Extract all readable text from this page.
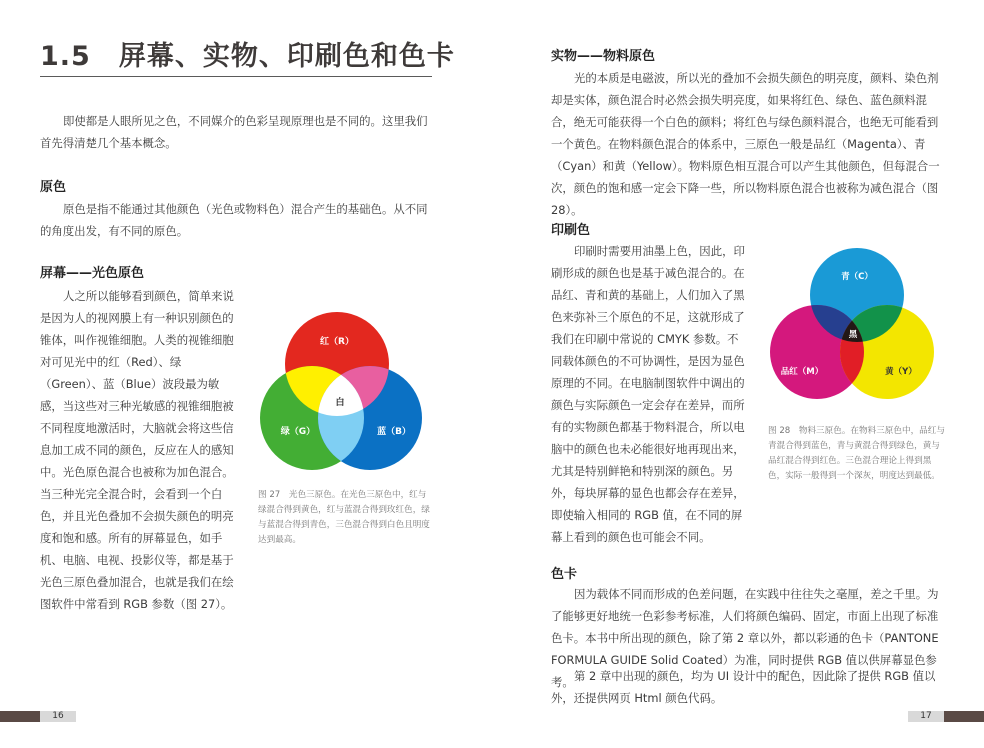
1.5　屏幕、实物、印刷色和色卡

即使都是人眼所见之色，不同媒介的色彩呈现原理也是不同的。这里我们首先得清楚几个基本概念。

原色

原色是指不能通过其他颜色（光色或物料色）混合产生的基础色。从不同的角度出发，有不同的原色。

屏幕——光色原色

人之所以能够看到颜色，简单来说是因为人的视网膜上有一种识别颜色的锥体，叫作视锥细胞。人类的视锥细胞对可见光中的红（Red）、绿（Green）、蓝（Blue）波段最为敏感，当这些对三种光敏感的视锥细胞被不同程度地激活时，大脑就会将这些信息加工成不同的颜色，反应在人的感知中。光色原色混合也被称为加色混合。当三种光完全混合时，会看到一个白色，并且光色叠加不会损失颜色的明亮度和饱和感。所有的屏幕显色，如手机、电脑、电视、投影仪等，都是基于光色三原色叠加混合，也就是我们在绘图软件中常看到 RGB 参数（图 27）。

红（R）
绿（G）	蓝（B）
白

图 27　光色三原色。在光色三原色中，红与绿混合得到黄色，红与蓝混合得到玫红色，绿与蓝混合得到青色，三色混合得到白色且明度达到最高。

16
实物——物料原色

光的本质是电磁波，所以光的叠加不会损失颜色的明亮度，颜料、染色剂却是实体，颜色混合时必然会损失明亮度，如果将红色、绿色、蓝色颜料混合，绝无可能获得一个白色的颜料；将红色与绿色颜料混合，也绝无可能看到一个黄色。在物料颜色混合的体系中，三原色一般是品红（Magenta）、青（Cyan）和黄（Yellow）。物料原色相互混合可以产生其他颜色，但每混合一次，颜色的饱和感一定会下降一些，所以物料原色混合也被称为减色混合（图 28）。

印刷色

印刷时需要用油墨上色，因此，印刷形成的颜色也是基于减色混合的。在品红、青和黄的基础上，人们加入了黑色来弥补三个原色的不足，这就形成了我们在印刷中常说的 CMYK 参数。不同载体颜色的不可协调性，是因为显色原理的不同。在电脑制图软件中调出的颜色与实际颜色一定会存在差异，而所有的实物颜色都基于物料混合，所以电脑中的颜色也未必能很好地再现出来，尤其是特别鲜艳和特别深的颜色。另外，每块屏幕的显色也都会存在差异，即使输入相同的 RGB 值，在不同的屏幕上看到的颜色也可能会不同。

青（C）
品红（M）	黄（Y）
黑

图 28　物料三原色。在物料三原色中，品红与青混合得到蓝色，青与黄混合得到绿色，黄与品红混合得到红色。三色混合理论上得到黑色，实际一般得到一个深灰，明度达到最低。

色卡

因为载体不同而形成的色差问题，在实践中往往失之毫厘，差之千里。为了能够更好地统一色彩参考标准，人们将颜色编码、固定，市面上出现了标准色卡。本书中所出现的颜色，除了第 2 章以外，都以彩通的色卡（PANTONE FORMULA GUIDE Solid Coated）为准，同时提供 RGB 值以供屏幕显色参考。 第 2 章中出现的颜色，均为 UI 设计中的配色，因此除了提供 RGB 值以外，还提供网页 Html 颜色代码。

17
